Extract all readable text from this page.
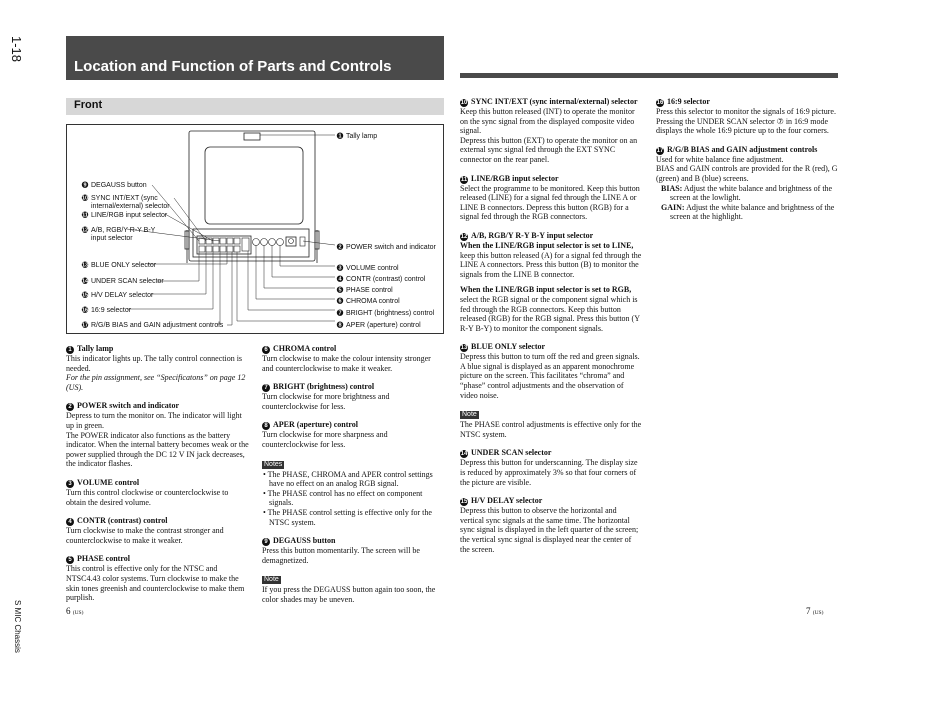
1-18
S MIC Chassis
Location and Function of Parts and Controls
Front
9 DEGAUSS button
10 SYNC INT/EXT (sync
internal/external) selector
11 LINE/RGB input selector
12 A/B, RGB/Y R-Y B-Y
input selector
13 BLUE ONLY selector
14 UNDER SCAN selector
15 H/V DELAY selector
16 16:9 selector
17 R/G/B BIAS and GAIN adjustment controls
1 Tally lamp
2 POWER switch and indicator
3 VOLUME control
4 CONTR (contrast) control
5 PHASE control
6 CHROMA control
7 BRIGHT (brightness) control
8 APER (aperture) control
1 Tally lamp

This indicator lights up. The tally control connection is needed.

For the pin assignment, see “Specificatons” on page 12 (US).

2 POWER switch and indicator

Depress to turn the monitor on. The indicator will light up in green.

The POWER indicator also functions as the battery indicator. When the internal battery becomes weak or the power supplied through the DC 12 V IN jack decreases, the indicator flashes.

3 VOLUME control

Turn this control clockwise or counterclockwise to obtain the desired volume.

4 CONTR (contrast) control

Turn clockwise to make the contrast stronger and counterclockwise to make it weaker.

5 PHASE control

This control is effective only for the NTSC and NTSC4.43 color systems. Turn clockwise to make the skin tones greenish and counterclockwise to make them purplish.

6 CHROMA control

Turn clockwise to make the colour intensity stronger and counterclockwise to make it weaker.

7 BRIGHT (brightness) control

Turn clockwise for more brightness and counterclockwise for less.

8 APER (aperture) control

Turn clockwise for more sharpness and counterclockwise for less.

Notes

• The PHASE, CHROMA and APER control settings have no effect on an analog RGB signal.

• The PHASE control has no effect on component signals.

• The PHASE control setting is effective only for the NTSC system.

9 DEGAUSS button

Press this button momentarily. The screen will be demagnetized.

Note

If you press the DEGAUSS button again too soon, the color shades may be uneven.

10 SYNC INT/EXT (sync internal/external) selector

Keep this button released (INT) to operate the monitor on the sync signal from the displayed composite video signal.

Depress this button (EXT) to operate the monitor on an external sync signal fed through the EXT SYNC connector on the rear panel.

11 LINE/RGB input selector

Select the programme to be monitored. Keep this button released (LINE) for a signal fed through the LINE A or LINE B connectors. Depress this button (RGB) for a signal fed through the RGB connectors.

12 A/B, RGB/Y R-Y B-Y input selector

When the LINE/RGB input selector is set to LINE,

keep this button released (A) for a signal fed through the LINE A connectors. Press this button (B) to monitor the signals from the LINE B connector.

When the LINE/RGB input selector is set to RGB,

select the RGB signal or the component signal which is fed through the RGB connectors. Keep this button released (RGB) for the RGB signal. Press this button (Y R-Y B-Y) to monitor the component signals.

13 BLUE ONLY selector

Depress this button to turn off the red and green signals. A blue signal is displayed as an apparent monochrome picture on the screen. This facilitates “chroma” and “phase” control adjustments and the observation of video noise.

Note

The PHASE control adjustments is effective only for the NTSC system.

14 UNDER SCAN selector

Depress this button for underscanning. The display size is reduced by approximately 3% so that four corners of the picture are visible.

15 H/V DELAY selector

Depress this button to observe the horizontal and vertical sync signals at the same time. The horizontal sync signal is displayed in the left quarter of the screen; the vertical sync signal is displayed near the center of the screen.

16 16:9 selector

Press this selector to monitor the signals of 16:9 picture.

Pressing the UNDER SCAN selector ⑦ in 16:9 mode displays the whole 16:9 picture up to the four corners.

17 R/G/B BIAS and GAIN adjustment controls

Used for white balance fine adjustment.

BIAS and GAIN controls are provided for the R (red), G (green) and B (blue) screens.

BIAS: Adjust the white balance and brightness of the screen at the lowlight.

GAIN: Adjust the white balance and brightness of the screen at the highlight.

6 (US)	7 (US)
